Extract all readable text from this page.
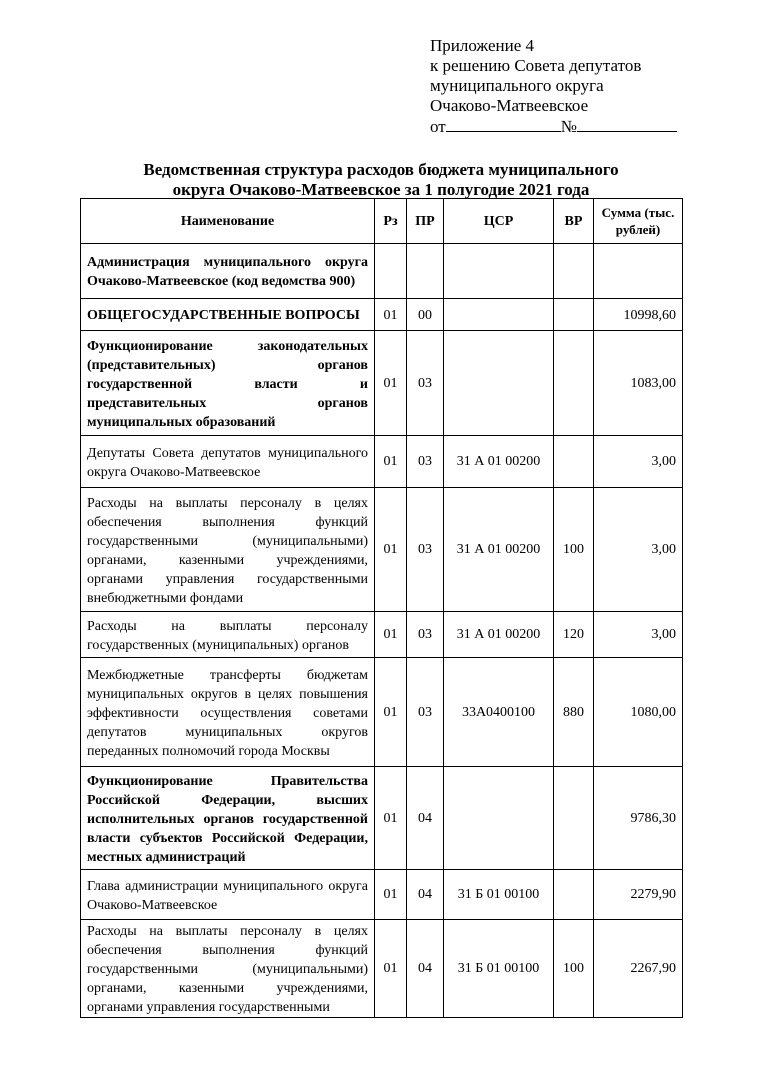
Приложение 4
к решению Совета депутатов
муниципального округа
Очаково-Матвеевское
от	№
Ведомственная структура расходов бюджета муниципального
округа Очаково-Матвеевское за 1 полугодие 2021 года
Наименование	Рз	ПР	ЦСР	ВР	Сумма (тыс. рублей)
Администрация муниципального округа Очаково-Матвеевское (код ведомства 900)					
ОБЩЕГОСУДАРСТВЕННЫЕ ВОПРОСЫ	01	00			10998,60
Функционирование законодательных (представительных) органов государственной власти и представительных органов муниципальных образований	01	03			1083,00
Депутаты Совета депутатов муниципального округа Очаково-Матвеевское	01	03	31 А 01 00200		3,00
Расходы на выплаты персоналу в целях обеспечения выполнения функций государственными (муниципальными) органами, казенными учреждениями, органами управления государственными внебюджетными фондами	01	03	31 А 01 00200	100	3,00
Расходы на выплаты персоналу государственных (муниципальных) органов	01	03	31 А 01 00200	120	3,00
Межбюджетные трансферты бюджетам муниципальных округов в целях повышения эффективности осуществления советами депутатов муниципальных округов переданных полномочий города Москвы	01	03	33А0400100	880	1080,00
Функционирование Правительства Российской Федерации, высших исполнительных органов государственной власти субъектов Российской Федерации, местных администраций	01	04			9786,30
Глава администрации муниципального округа Очаково-Матвеевское	01	04	31 Б 01 00100		2279,90
Расходы на выплаты персоналу в целях обеспечения выполнения функций государственными (муниципальными) органами, казенными учреждениями, органами управления государственными	01	04	31 Б 01 00100	100	2267,90
